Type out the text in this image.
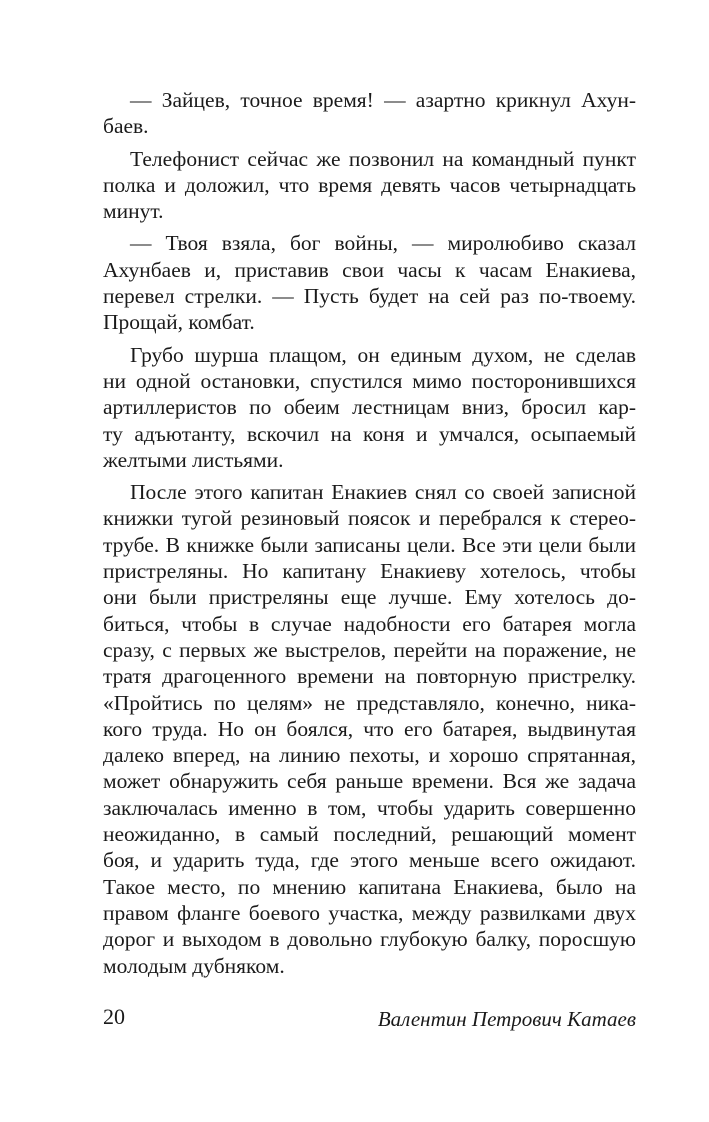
— Зайцев, точное время! — азартно крикнул Ахун-
баев.

Телефонист сейчас же позвонил на командный пункт
полка и доложил, что время девять часов четырнадцать
минут.

— Твоя взяла, бог войны, — миролюбиво сказал
Ахунбаев и, приставив свои часы к часам Енакиева,
перевел стрелки. — Пусть будет на сей раз по-твоему.
Прощай, комбат.

Грубо шурша плащом, он единым духом, не сделав
ни одной остановки, спустился мимо посторонившихся
артиллеристов по обеим лестницам вниз, бросил кар-
ту адъютанту, вскочил на коня и умчался, осыпаемый
желтыми листьями.

После этого капитан Енакиев снял со своей записной
книжки тугой резиновый поясок и перебрался к стерео-
трубе. В книжке были записаны цели. Все эти цели были
пристреляны. Но капитану Енакиеву хотелось, чтобы
они были пристреляны еще лучше. Ему хотелось до-
биться, чтобы в случае надобности его батарея могла
сразу, с первых же выстрелов, перейти на поражение, не
тратя драгоценного времени на повторную пристрелку.
«Пройтись по целям» не представляло, конечно, ника-
кого труда. Но он боялся, что его батарея, выдвинутая
далеко вперед, на линию пехоты, и хорошо спрятанная,
может обнаружить себя раньше времени. Вся же задача
заключалась именно в том, чтобы ударить совершенно
неожиданно, в самый последний, решающий момент
боя, и ударить туда, где этого меньше всего ожидают.
Такое место, по мнению капитана Енакиева, было на
правом фланге боевого участка, между развилками двух
дорог и выходом в довольно глубокую балку, поросшую
молодым дубняком.

20	Валентин Петрович Катаев
